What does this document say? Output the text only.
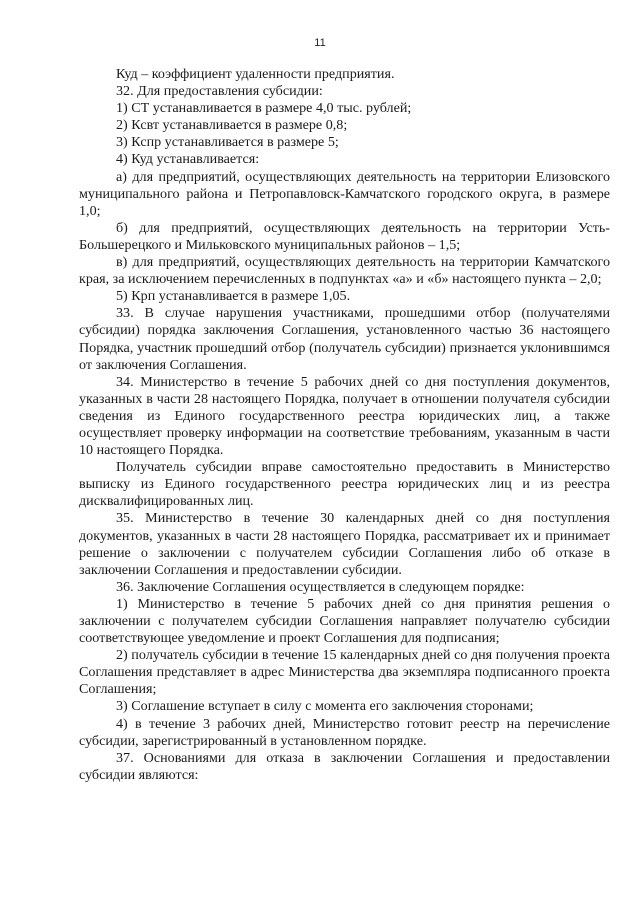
11

Куд – коэффициент удаленности предприятия.

32. Для предоставления субсидии:

1) СТ устанавливается в размере 4,0 тыс. рублей;

2) Ксвт устанавливается в размере 0,8;

3) Кспр устанавливается в размере 5;

4) Куд устанавливается:

а) для предприятий, осуществляющих деятельность на территории Елизовского муниципального района и Петропавловск-Камчатского городского округа, в размере 1,0;

б) для предприятий, осуществляющих деятельность на территории Усть-Большерецкого и Мильковского муниципальных районов – 1,5;

в) для предприятий, осуществляющих деятельность на территории Камчатского края, за исключением перечисленных в подпунктах «а» и «б» настоящего пункта – 2,0;

5) Крп устанавливается в размере 1,05.

33. В случае нарушения участниками, прошедшими отбор (получателями субсидии) порядка заключения Соглашения, установленного частью 36 настоящего Порядка, участник прошедший отбор (получатель субсидии) признается уклонившимся от заключения Соглашения.

34. Министерство в течение 5 рабочих дней со дня поступления документов, указанных в части 28 настоящего Порядка, получает в отношении получателя субсидии сведения из Единого государственного реестра юридических лиц, а также осуществляет проверку информации на соответствие требованиям, указанным в части 10 настоящего Порядка.

Получатель субсидии вправе самостоятельно предоставить в Министерство выписку из Единого государственного реестра юридических лиц и из реестра дисквалифицированных лиц.

35. Министерство в течение 30 календарных дней со дня поступления документов, указанных в части 28 настоящего Порядка, рассматривает их и принимает решение о заключении с получателем субсидии Соглашения либо об отказе в заключении Соглашения и предоставлении субсидии.

36. Заключение Соглашения осуществляется в следующем порядке:

1) Министерство в течение 5 рабочих дней со дня принятия решения о заключении с получателем субсидии Соглашения направляет получателю субсидии соответствующее уведомление и проект Соглашения для подписания;

2) получатель субсидии в течение 15 календарных дней со дня получения проекта Соглашения представляет в адрес Министерства два экземпляра подписанного проекта Соглашения;

3) Соглашение вступает в силу с момента его заключения сторонами;

4) в течение 3 рабочих дней, Министерство готовит реестр на перечисление субсидии, зарегистрированный в установленном порядке.

37. Основаниями для отказа в заключении Соглашения и предоставлении субсидии являются:
